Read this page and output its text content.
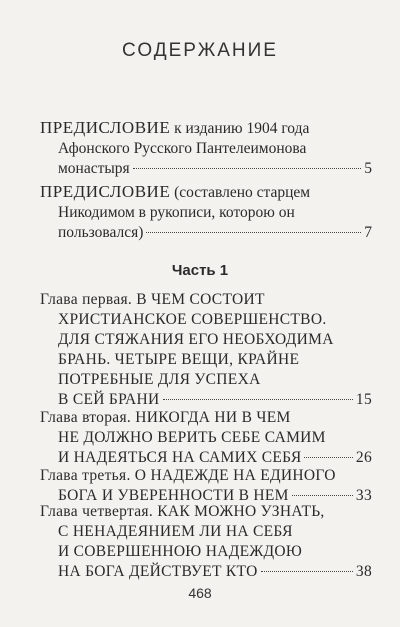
СОДЕРЖАНИЕ
ПРЕДИСЛОВИЕ к изданию 1904 года
Афонского Русского Пантелеимонова
монастыря	5
ПРЕДИСЛОВИЕ (составлено старцем
Никодимом в рукописи, которою он
пользовался)	7
Часть 1
Глава первая. В ЧЕМ СОСТОИТ
ХРИСТИАНСКОЕ СОВЕРШЕНСТВО.
ДЛЯ СТЯЖАНИЯ ЕГО НЕОБХОДИМА
БРАНЬ. ЧЕТЫРЕ ВЕЩИ, КРАЙНЕ
ПОТРЕБНЫЕ ДЛЯ УСПЕХА
В СЕЙ БРАНИ	15
Глава вторая. НИКОГДА НИ В ЧЕМ
НЕ ДОЛЖНО ВЕРИТЬ СЕБЕ САМИМ
И НАДЕЯТЬСЯ НА САМИХ СЕБЯ	26
Глава третья. О НАДЕЖДЕ НА ЕДИНОГО
БОГА И УВЕРЕННОСТИ В НЕМ	33
Глава четвертая. КАК МОЖНО УЗНАТЬ,
С НЕНАДЕЯНИЕМ ЛИ НА СЕБЯ
И СОВЕРШЕННОЮ НАДЕЖДОЮ
НА БОГА ДЕЙСТВУЕТ КТО	38
468
